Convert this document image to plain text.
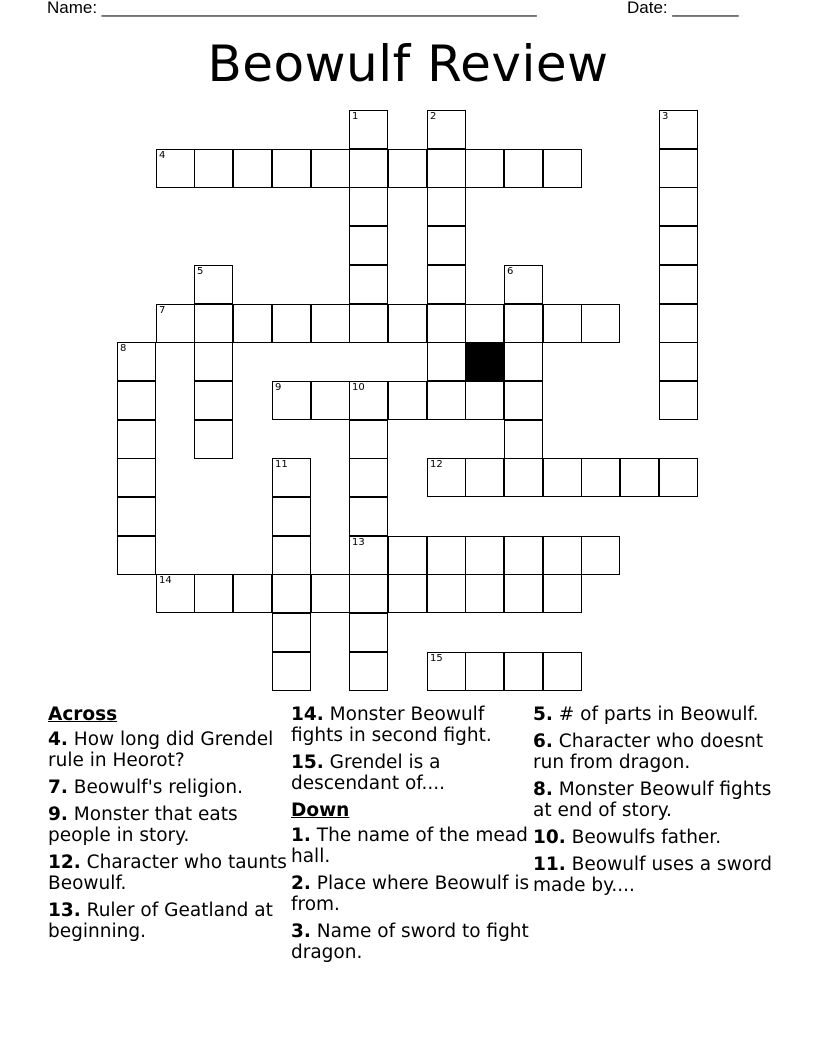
Name: ______________________________________________	Date: _______
Beowulf Review
1	2	3
4
5	6
7
8
9	10
13
11	12
14
15
Across
4. How long did Grendel rule in Heorot?
7. Beowulf's religion.
9. Monster that eats people in story.
12. Character who taunts Beowulf.
13. Ruler of Geatland at beginning.
14. Monster Beowulf fights in second fight.
15. Grendel is a descendant of....
Down
1. The name of the mead hall.
2. Place where Beowulf is from.
3. Name of sword to fight dragon.
5. # of parts in Beowulf.
6. Character who doesnt run from dragon.
8. Monster Beowulf fights at end of story.
10. Beowulfs father.
11. Beowulf uses a sword made by....
